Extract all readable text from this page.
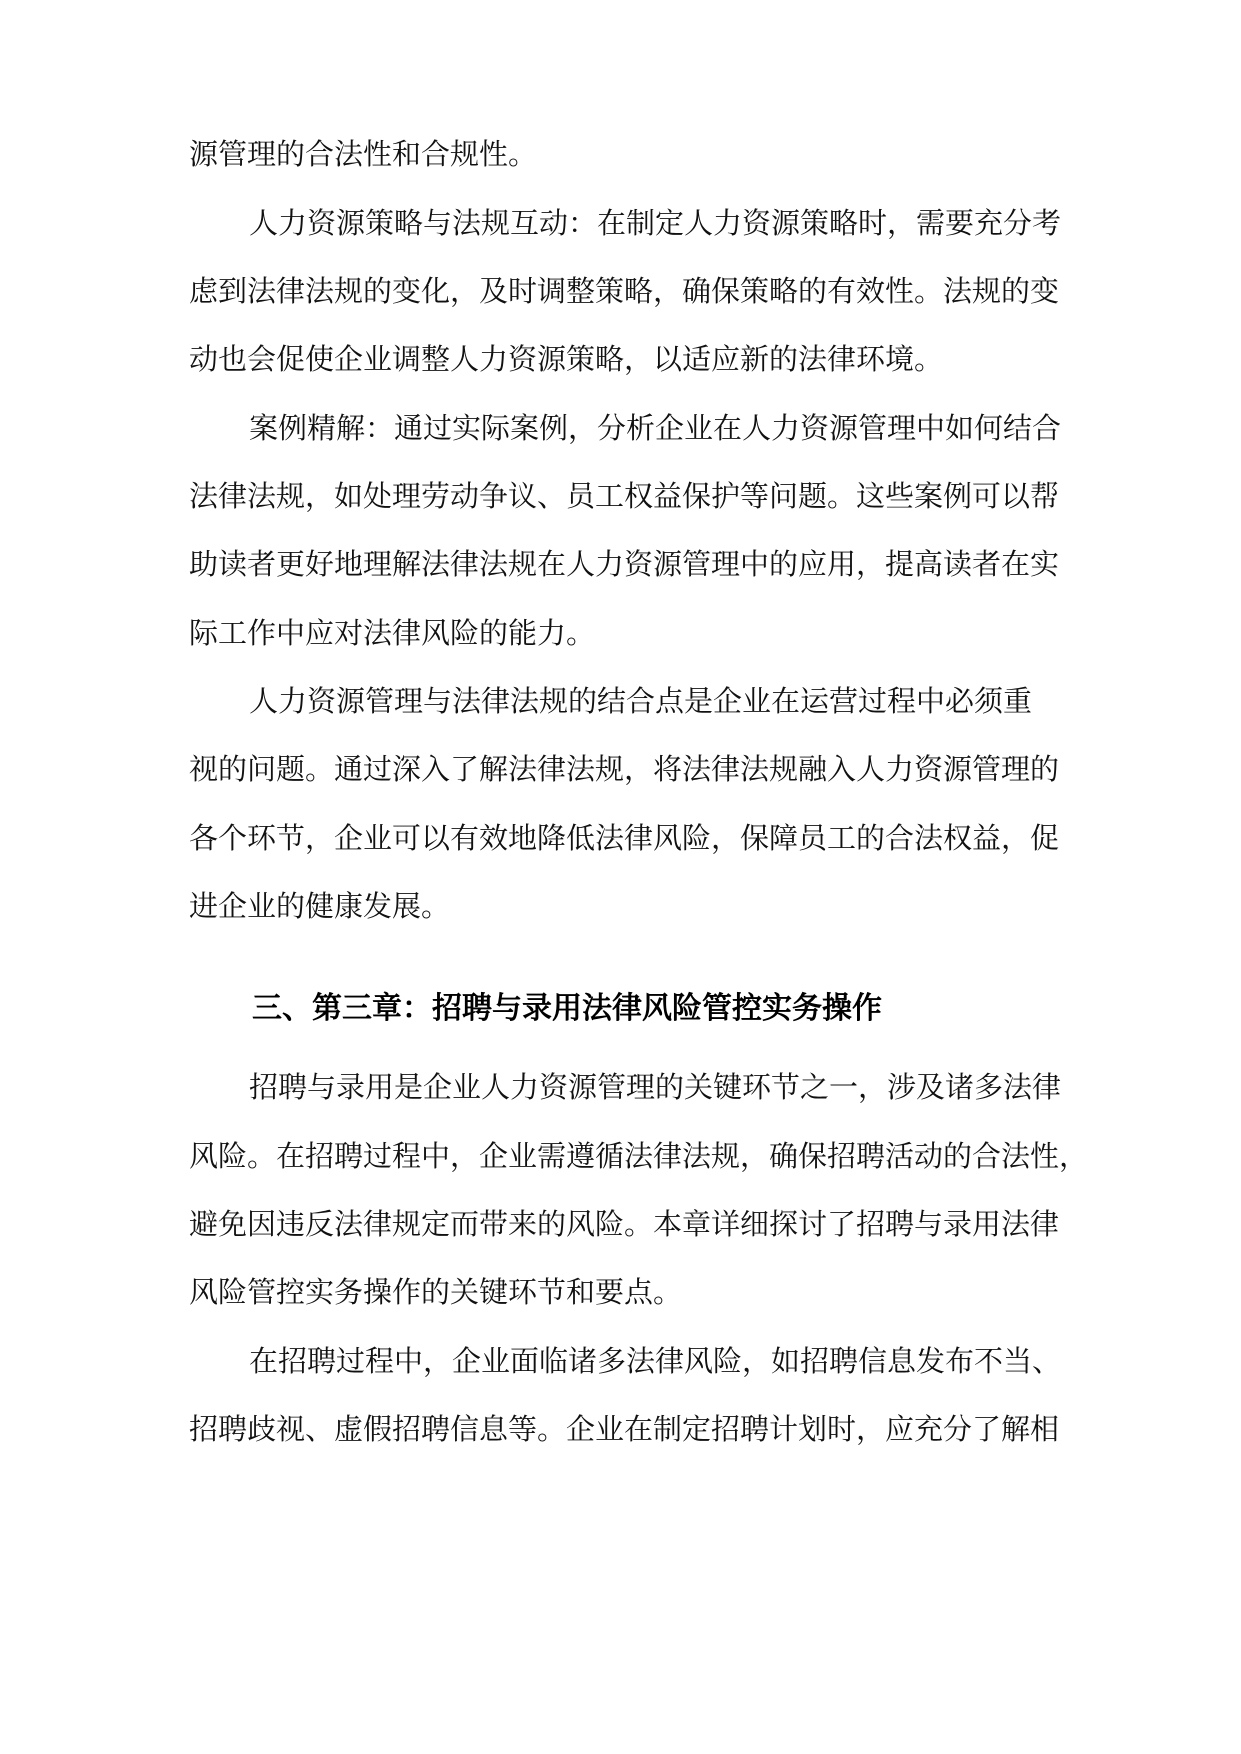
源管理的合法性和合规性。
人力资源策略与法规互动：在制定人力资源策略时，需要充分考
虑到法律法规的变化，及时调整策略，确保策略的有效性。法规的变
动也会促使企业调整人力资源策略，以适应新的法律环境。
案例精解：通过实际案例，分析企业在人力资源管理中如何结合
法律法规，如处理劳动争议、员工权益保护等问题。这些案例可以帮
助读者更好地理解法律法规在人力资源管理中的应用，提高读者在实
际工作中应对法律风险的能力。
人力资源管理与法律法规的结合点是企业在运营过程中必须重
视的问题。通过深入了解法律法规，将法律法规融入人力资源管理的
各个环节，企业可以有效地降低法律风险，保障员工的合法权益，促
进企业的健康发展。
三、第三章：招聘与录用法律风险管控实务操作
招聘与录用是企业人力资源管理的关键环节之一，涉及诸多法律
风险。在招聘过程中，企业需遵循法律法规，确保招聘活动的合法性，
避免因违反法律规定而带来的风险。本章详细探讨了招聘与录用法律
风险管控实务操作的关键环节和要点。
在招聘过程中，企业面临诸多法律风险，如招聘信息发布不当、
招聘歧视、虚假招聘信息等。企业在制定招聘计划时，应充分了解相
